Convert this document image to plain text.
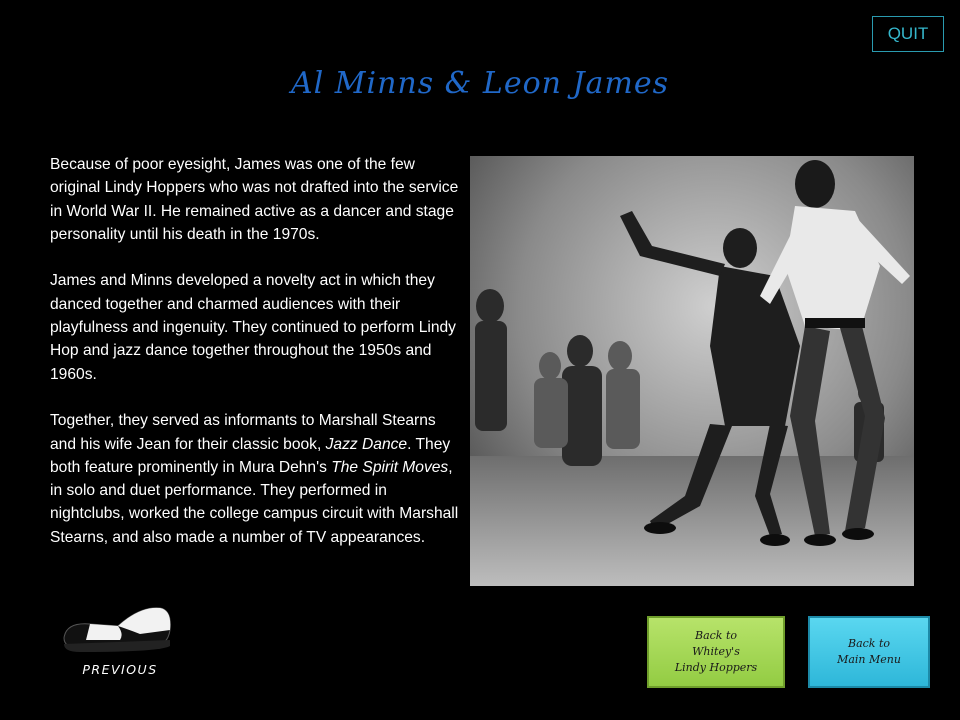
QUIT
Al Minns & Leon James

Because of poor eyesight, James was one of the few original Lindy Hoppers who was not drafted into the service in World War II. He remained active as a dancer and stage personality until his death in the 1970s.

James and Minns developed a novelty act in which they danced together and charmed audiences with their playfulness and ingenuity. They continued to perform Lindy Hop and jazz dance together throughout the 1950s and 1960s.

Together, they served as informants to Marshall Stearns and his wife Jean for their classic book, Jazz Dance. They both feature prominently in Mura Dehn's The Spirit Moves, in solo and duet performance. They performed in nightclubs, worked the college campus circuit with Marshall Stearns, and also made a number of TV appearances.

PREVIOUS
Back to
Whitey's
Lindy Hoppers
Back to
Main Menu
